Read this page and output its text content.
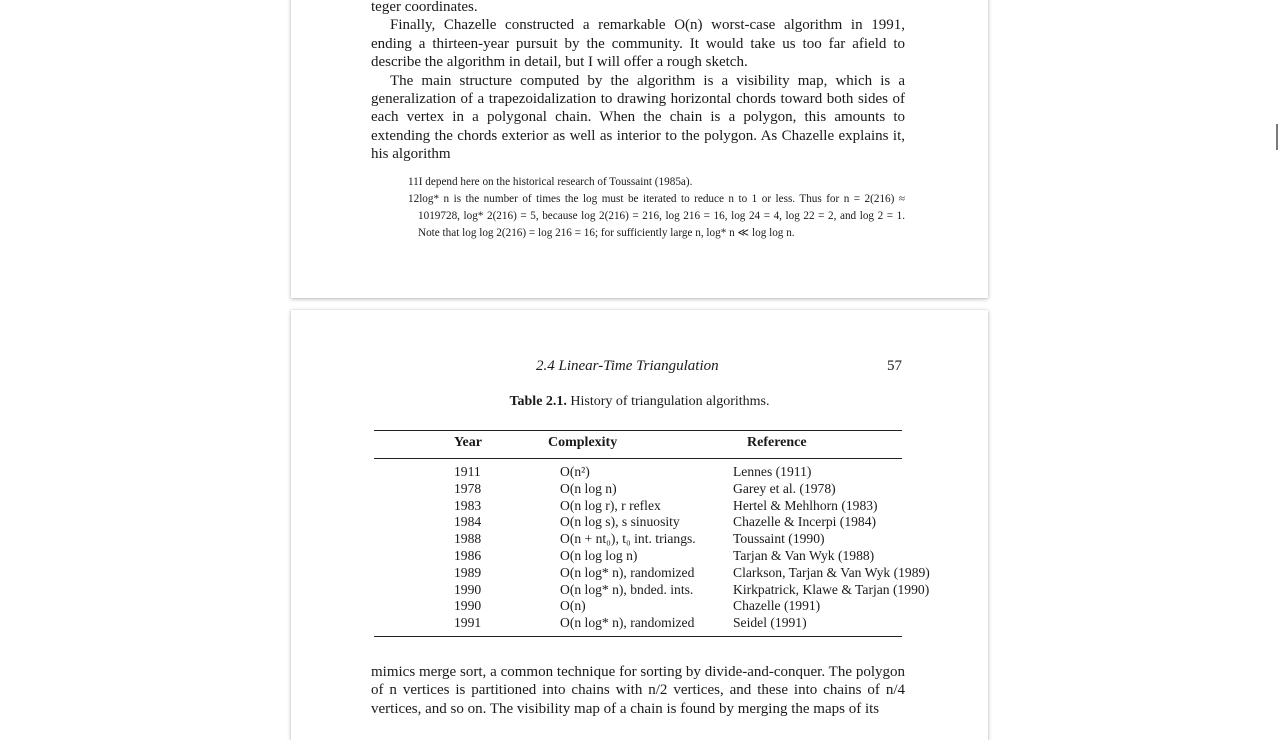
teger coordinates.

Finally, Chazelle constructed a remarkable O(n) worst-case algorithm in 1991, ending a thirteen-year pursuit by the community. It would take us too far afield to describe the algorithm in detail, but I will offer a rough sketch.

The main structure computed by the algorithm is a visibility map, which is a generalization of a trapezoidalization to drawing horizontal chords toward both sides of each vertex in a polygonal chain. When the chain is a polygon, this amounts to extending the chords exterior as well as interior to the polygon. As Chazelle explains it, his algorithm

11I depend here on the historical research of Toussaint (1985a).

12log* n is the number of times the log must be iterated to reduce n to 1 or less. Thus for n = 2(216) ≈ 1019728, log* 2(216) = 5, because log 2(216) = 216, log 216 = 16, log 24 = 4, log 22 = 2, and log 2 = 1. Note that log log 2(216) = log 216 = 16; for sufficiently large n, log* n ≪ log log n.

2.4 Linear-Time Triangulation	57
Table 2.1. History of triangulation algorithms.
Year	Complexity	Reference
1911	O(n²)	Lennes (1911)
1978	O(n log n)	Garey et al. (1978)
1983	O(n log r), r reflex	Hertel & Mehlhorn (1983)
1984	O(n log s), s sinuosity	Chazelle & Incerpi (1984)
1988	O(n + nt₀), t₀ int. triangs.	Toussaint (1990)
1986	O(n log log n)	Tarjan & Van Wyk (1988)
1989	O(n log* n), randomized	Clarkson, Tarjan & Van Wyk (1989)
1990	O(n log* n), bnded. ints.	Kirkpatrick, Klawe & Tarjan (1990)
1990	O(n)	Chazelle (1991)
1991	O(n log* n), randomized	Seidel (1991)

mimics merge sort, a common technique for sorting by divide-and-conquer. The polygon of n vertices is partitioned into chains with n/2 vertices, and these into chains of n/4 vertices, and so on. The visibility map of a chain is found by merging the maps of its
